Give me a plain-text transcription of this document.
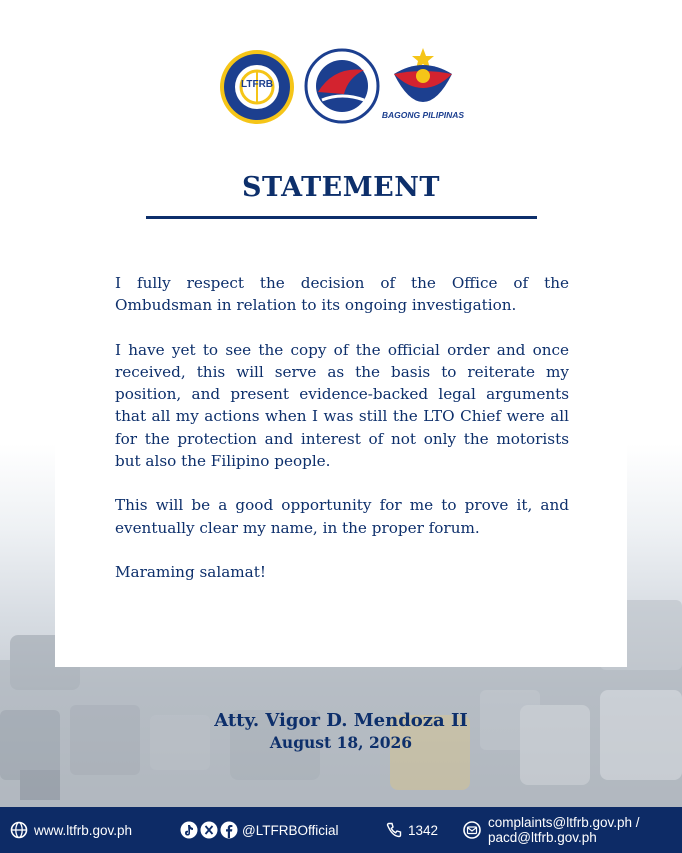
LTFRB
BAGONG PILIPINAS
STATEMENT

I fully respect the decision of the Office of the Ombudsman in relation to its ongoing investigation.

I have yet to see the copy of the official order and once received, this will serve as the basis to reiterate my position, and present evidence-backed legal arguments that all my actions when I was still the LTO Chief were all for the protection and interest of not only the motorists but also the Filipino people.

This will be a good opportunity for me to prove it, and eventually clear my name, in the proper forum.

Maraming salamat!

Atty. Vigor D. Mendoza II
August 18, 2026
www.ltfrb.gov.ph	@LTFRBOfficial	1342	complaints@ltfrb.gov.ph /
pacd@ltfrb.gov.ph
